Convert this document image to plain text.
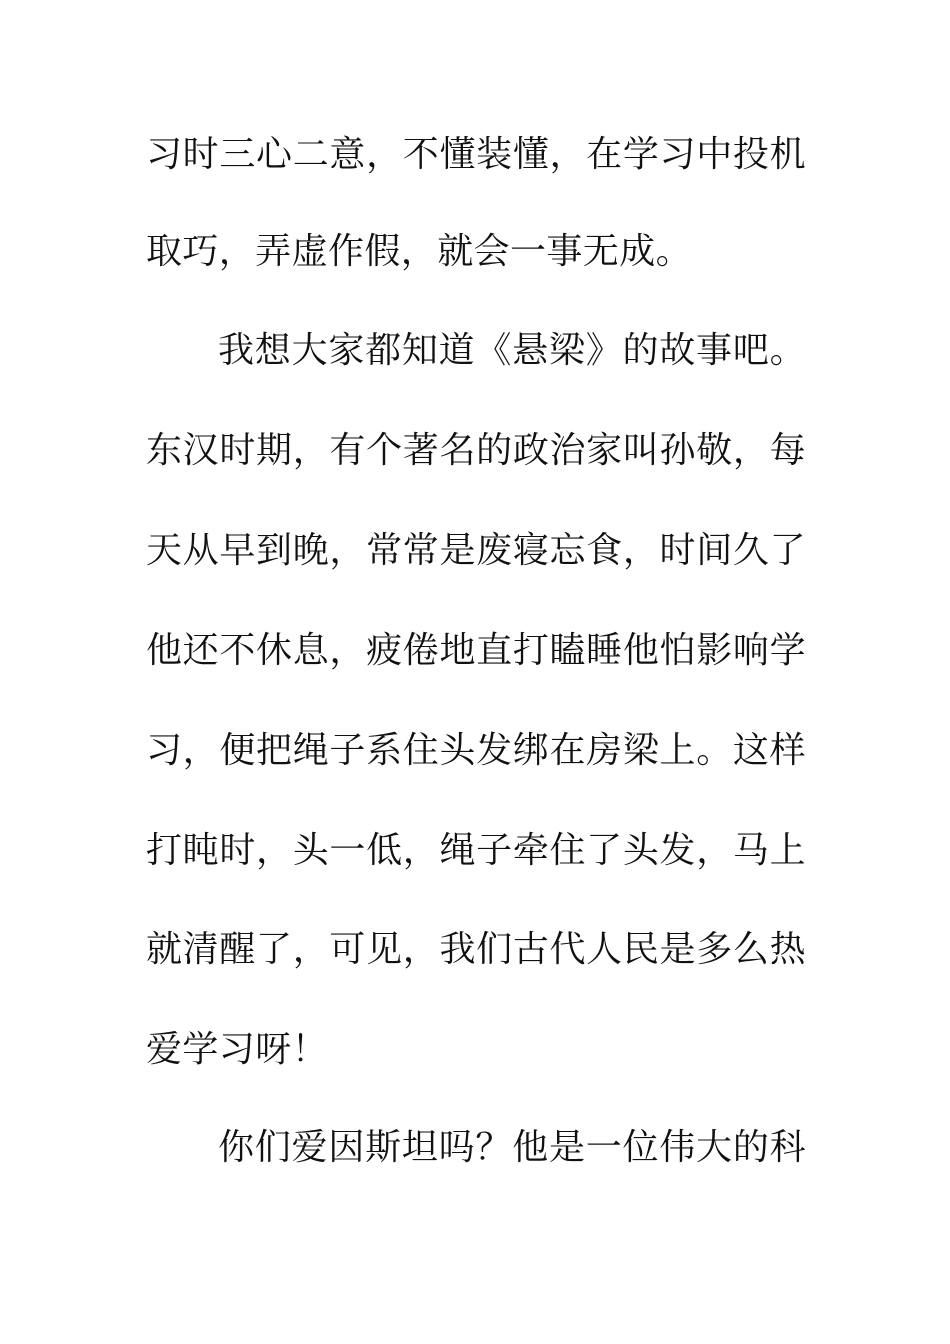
习时三心二意，不懂装懂，在学习中投机
取巧，弄虚作假，就会一事无成。
我想大家都知道《悬梁》的故事吧。
东汉时期，有个著名的政治家叫孙敬，每
天从早到晚，常常是废寝忘食，时间久了
他还不休息，疲倦地直打瞌睡他怕影响学
习，便把绳子系住头发绑在房梁上。这样
打盹时，头一低，绳子牵住了头发，马上
就清醒了，可见，我们古代人民是多么热
爱学习呀！
你们爱因斯坦吗？他是一位伟大的科
